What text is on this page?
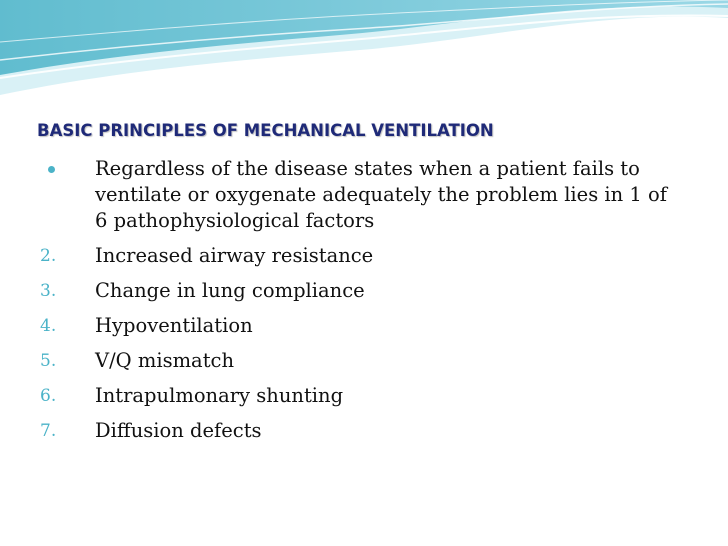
BASIC PRINCIPLES OF MECHANICAL VENTILATION
Regardless of the disease states when a patient fails to ventilate or oxygenate adequately the problem lies in 1 of 6 pathophysiological factors
2.	Increased airway resistance
3.	Change in lung compliance
4.	Hypoventilation
5.	V/Q mismatch
6.	Intrapulmonary shunting
7.	Diffusion defects
